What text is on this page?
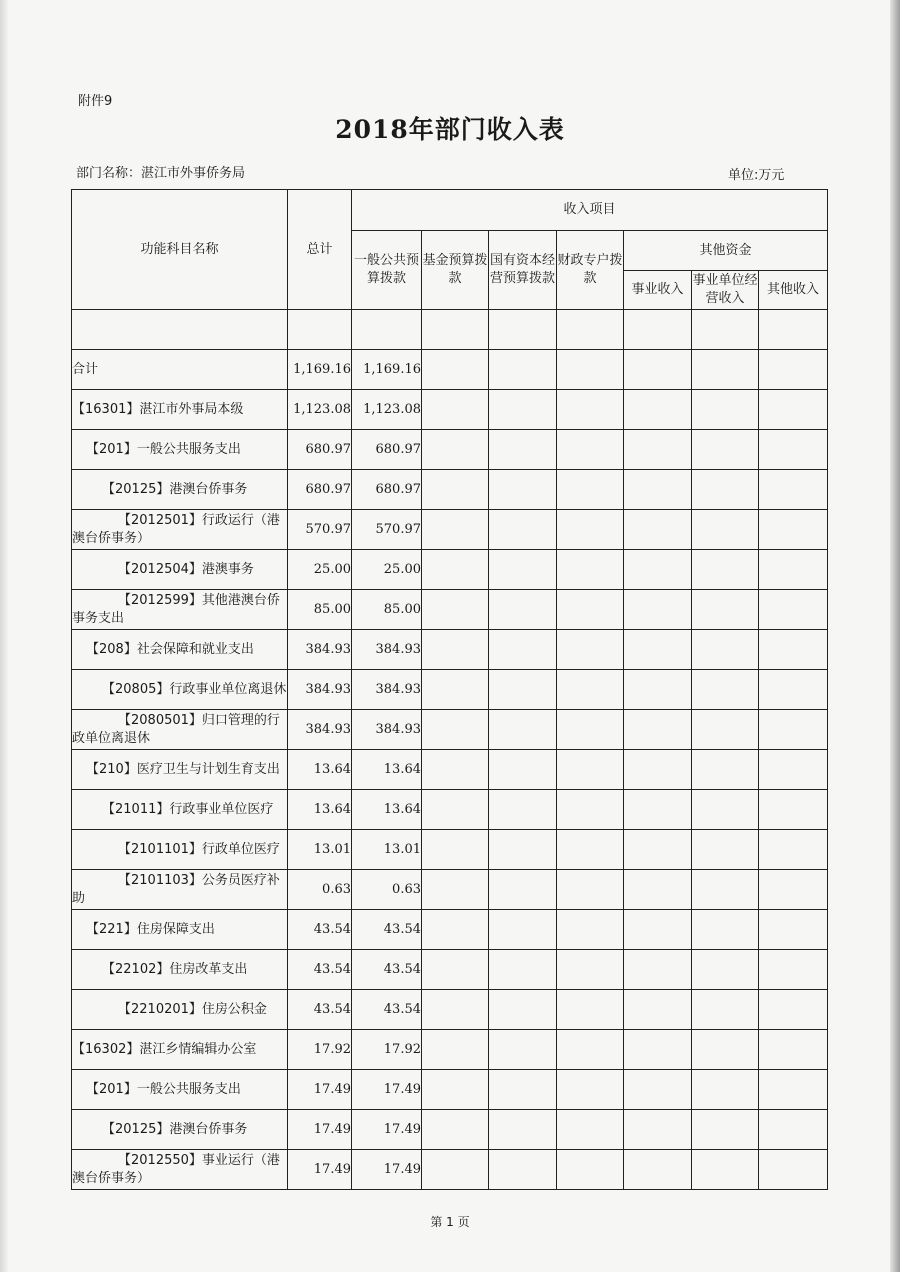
附件9
2018年部门收入表
部门名称：湛江市外事侨务局	单位:万元
功能科目名称	总计	收入项目						
		一般公共预算拨款	基金预算拨款	国有资本经营预算拨款	财政专户拨款	其他资金		
						事业收入	事业单位经营收入	其他收入

合计	1,169.16	1,169.16						
【16301】湛江市外事局本级	1,123.08	1,123.08						
【201】一般公共服务支出	680.97	680.97						
【20125】港澳台侨事务	680.97	680.97						
【2012501】行政运行（港澳台侨事务）	570.97	570.97						
【2012504】港澳事务	25.00	25.00						
【2012599】其他港澳台侨事务支出	85.00	85.00						
【208】社会保障和就业支出	384.93	384.93						
【20805】行政事业单位离退休	384.93	384.93						
【2080501】归口管理的行政单位离退休	384.93	384.93						
【210】医疗卫生与计划生育支出	13.64	13.64						
【21011】行政事业单位医疗	13.64	13.64						
【2101101】行政单位医疗	13.01	13.01						
【2101103】公务员医疗补助	0.63	0.63						
【221】住房保障支出	43.54	43.54						
【22102】住房改革支出	43.54	43.54						
【2210201】住房公积金	43.54	43.54						
【16302】湛江乡情编辑办公室	17.92	17.92						
【201】一般公共服务支出	17.49	17.49						
【20125】港澳台侨事务	17.49	17.49						
【2012550】事业运行（港澳台侨事务）	17.49	17.49						
第 1 页
